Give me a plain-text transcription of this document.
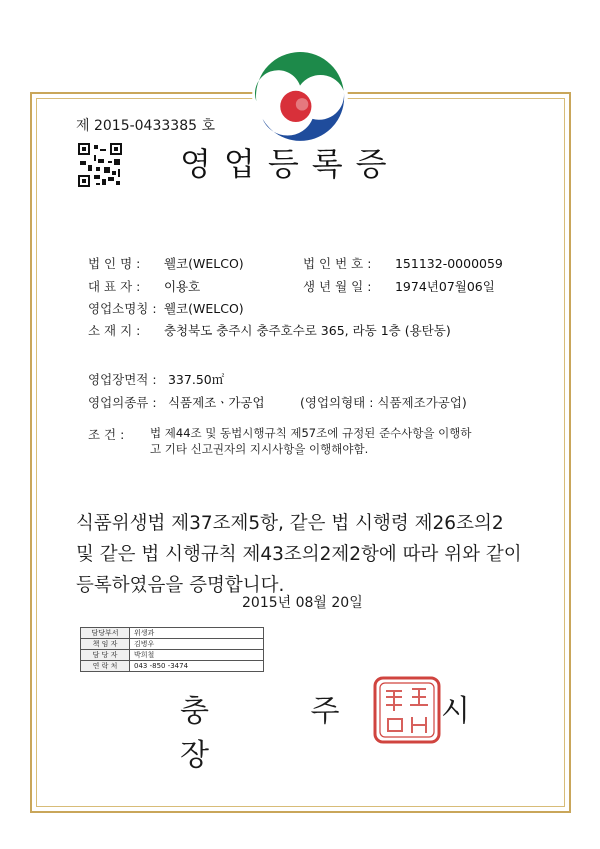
제 2015-0433385 호
영업등록증
법 인 명 : 웰코(WELCO)	법 인 번 호 : 151132-0000059
대 표 자 : 이용호	생 년 월 일 : 1974년07월06일
영업소명칭 : 웰코(WELCO)
소 재 지 : 충청북도 충주시 충주호수로 365, 라동 1층 (용탄동)
영업장면적 : 337.50㎡
영업의종류 : 식품제조ㆍ가공업	(영업의형태 : 식품제조가공업)
조 건 : 법 제44조 및 동법시행규칙 제57조에 규정된 준수사항을 이행하
고 기타 신고권자의 지시사항을 이행해야함.
식품위생법 제37조제5항, 같은 법 시행령 제26조의2
및 같은 법 시행규칙 제43조의2제2항에 따라 위와 같이
등록하였음을 증명합니다.
2015년 08월 20일
담당부서	위생과
책 임 자	김병우
담 당 자	박희철
연 락 처	043 -850 -3474
충 주 시 장
